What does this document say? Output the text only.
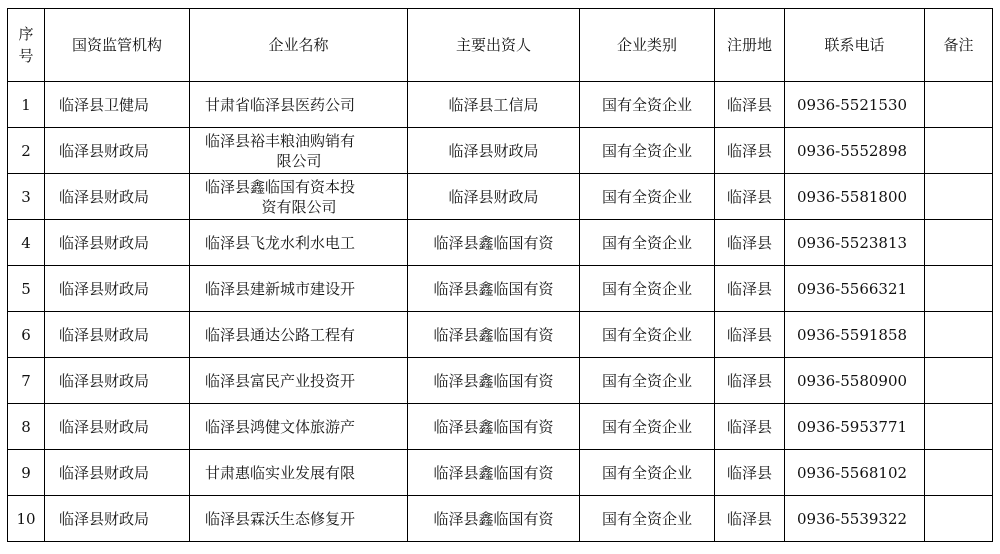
序
号	国资监管机构	企业名称	主要出资人	企业类别	注册地	联系电话	备注
1	临泽县卫健局	甘肃省临泽县医药公司	临泽县工信局	国有全资企业	临泽县	0936-5521530	
2	临泽县财政局	临泽县裕丰粮油购销有
限公司	临泽县财政局	国有全资企业	临泽县	0936-5552898	
3	临泽县财政局	临泽县鑫临国有资本投
资有限公司	临泽县财政局	国有全资企业	临泽县	0936-5581800	
4	临泽县财政局	临泽县飞龙水利水电工	临泽县鑫临国有资	国有全资企业	临泽县	0936-5523813	
5	临泽县财政局	临泽县建新城市建设开	临泽县鑫临国有资	国有全资企业	临泽县	0936-5566321	
6	临泽县财政局	临泽县通达公路工程有	临泽县鑫临国有资	国有全资企业	临泽县	0936-5591858	
7	临泽县财政局	临泽县富民产业投资开	临泽县鑫临国有资	国有全资企业	临泽县	0936-5580900	
8	临泽县财政局	临泽县鸿健文体旅游产	临泽县鑫临国有资	国有全资企业	临泽县	0936-5953771	
9	临泽县财政局	甘肃惠临实业发展有限	临泽县鑫临国有资	国有全资企业	临泽县	0936-5568102	
10	临泽县财政局	临泽县霖沃生态修复开	临泽县鑫临国有资	国有全资企业	临泽县	0936-5539322	
